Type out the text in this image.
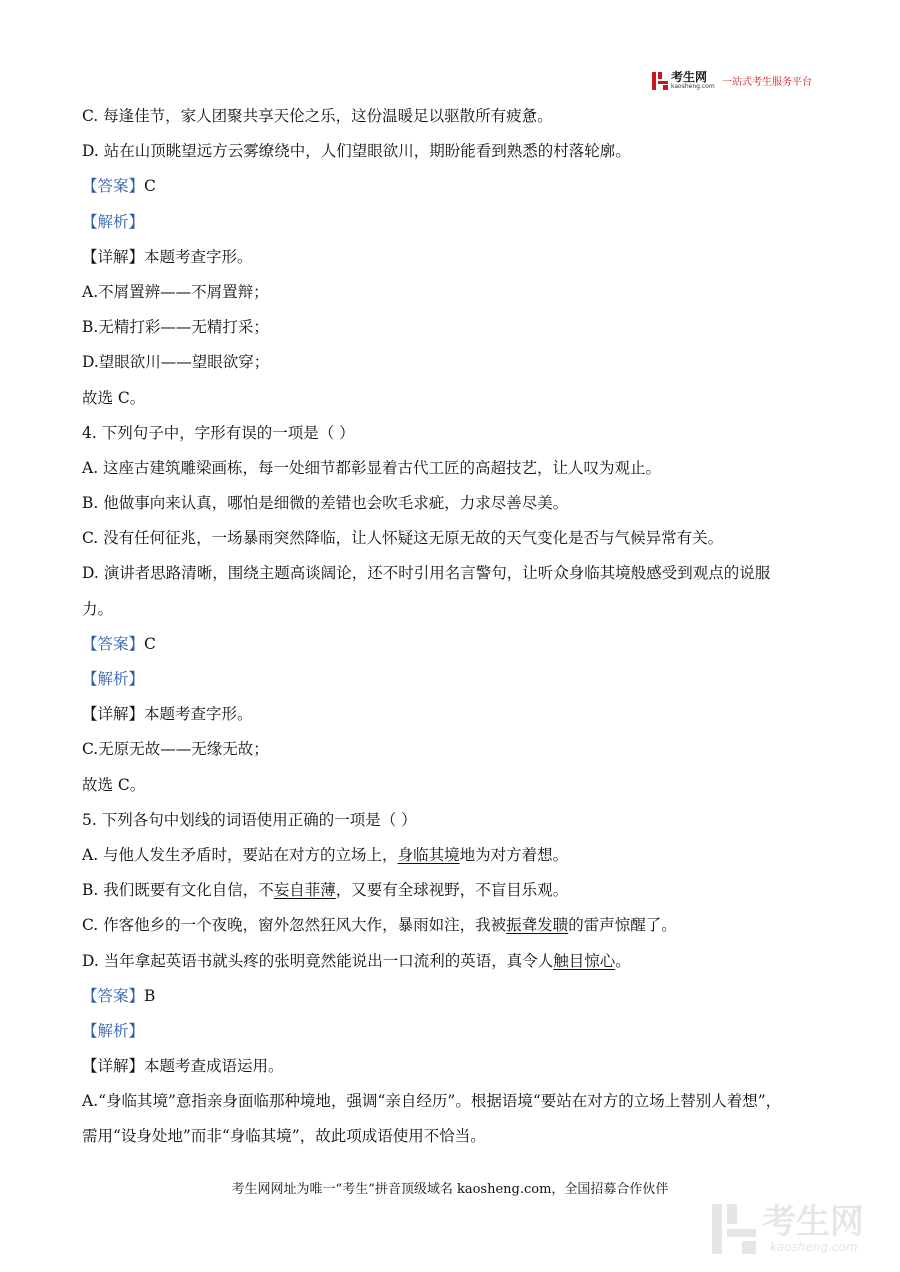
考生网
kaosheng.com 一站式考生服务平台
C. 每逢佳节，家人团聚共享天伦之乐，这份温暖足以驱散所有疲惫。
D. 站在山顶眺望远方云雾缭绕中，人们望眼欲川，期盼能看到熟悉的村落轮廓。
【答案】C
【解析】
【详解】本题考查字形。
A.不屑置辨——不屑置辩；
B.无精打彩——无精打采；
D.望眼欲川——望眼欲穿；
故选 C。
4. 下列句子中，字形有误的一项是（ ）
A. 这座古建筑雕梁画栋，每一处细节都彰显着古代工匠的高超技艺，让人叹为观止。
B. 他做事向来认真，哪怕是细微的差错也会吹毛求疵，力求尽善尽美。
C. 没有任何征兆，一场暴雨突然降临，让人怀疑这无原无故的天气变化是否与气候异常有关。
D. 演讲者思路清晰，围绕主题高谈阔论，还不时引用名言警句，让听众身临其境般感受到观点的说服
力。
【答案】C
【解析】
【详解】本题考查字形。
C.无原无故——无缘无故；
故选 C。
5. 下列各句中划线的词语使用正确的一项是（ ）
A. 与他人发生矛盾时，要站在对方的立场上，身临其境地为对方着想。
B. 我们既要有文化自信，不妄自菲薄，又要有全球视野，不盲目乐观。
C. 作客他乡的一个夜晚，窗外忽然狂风大作，暴雨如注，我被振聋发聩的雷声惊醒了。
D. 当年拿起英语书就头疼的张明竟然能说出一口流利的英语，真令人触目惊心。
【答案】B
【解析】
【详解】本题考查成语运用。
A.“身临其境”意指亲身面临那种境地，强调“亲自经历”。根据语境“要站在对方的立场上替别人着想”，
需用“设身处地”而非“身临其境”，故此项成语使用不恰当。
考生网网址为唯一“考生”拼音顶级域名 kaosheng.com，全国招募合作伙伴
考生网
kaosheng.com
